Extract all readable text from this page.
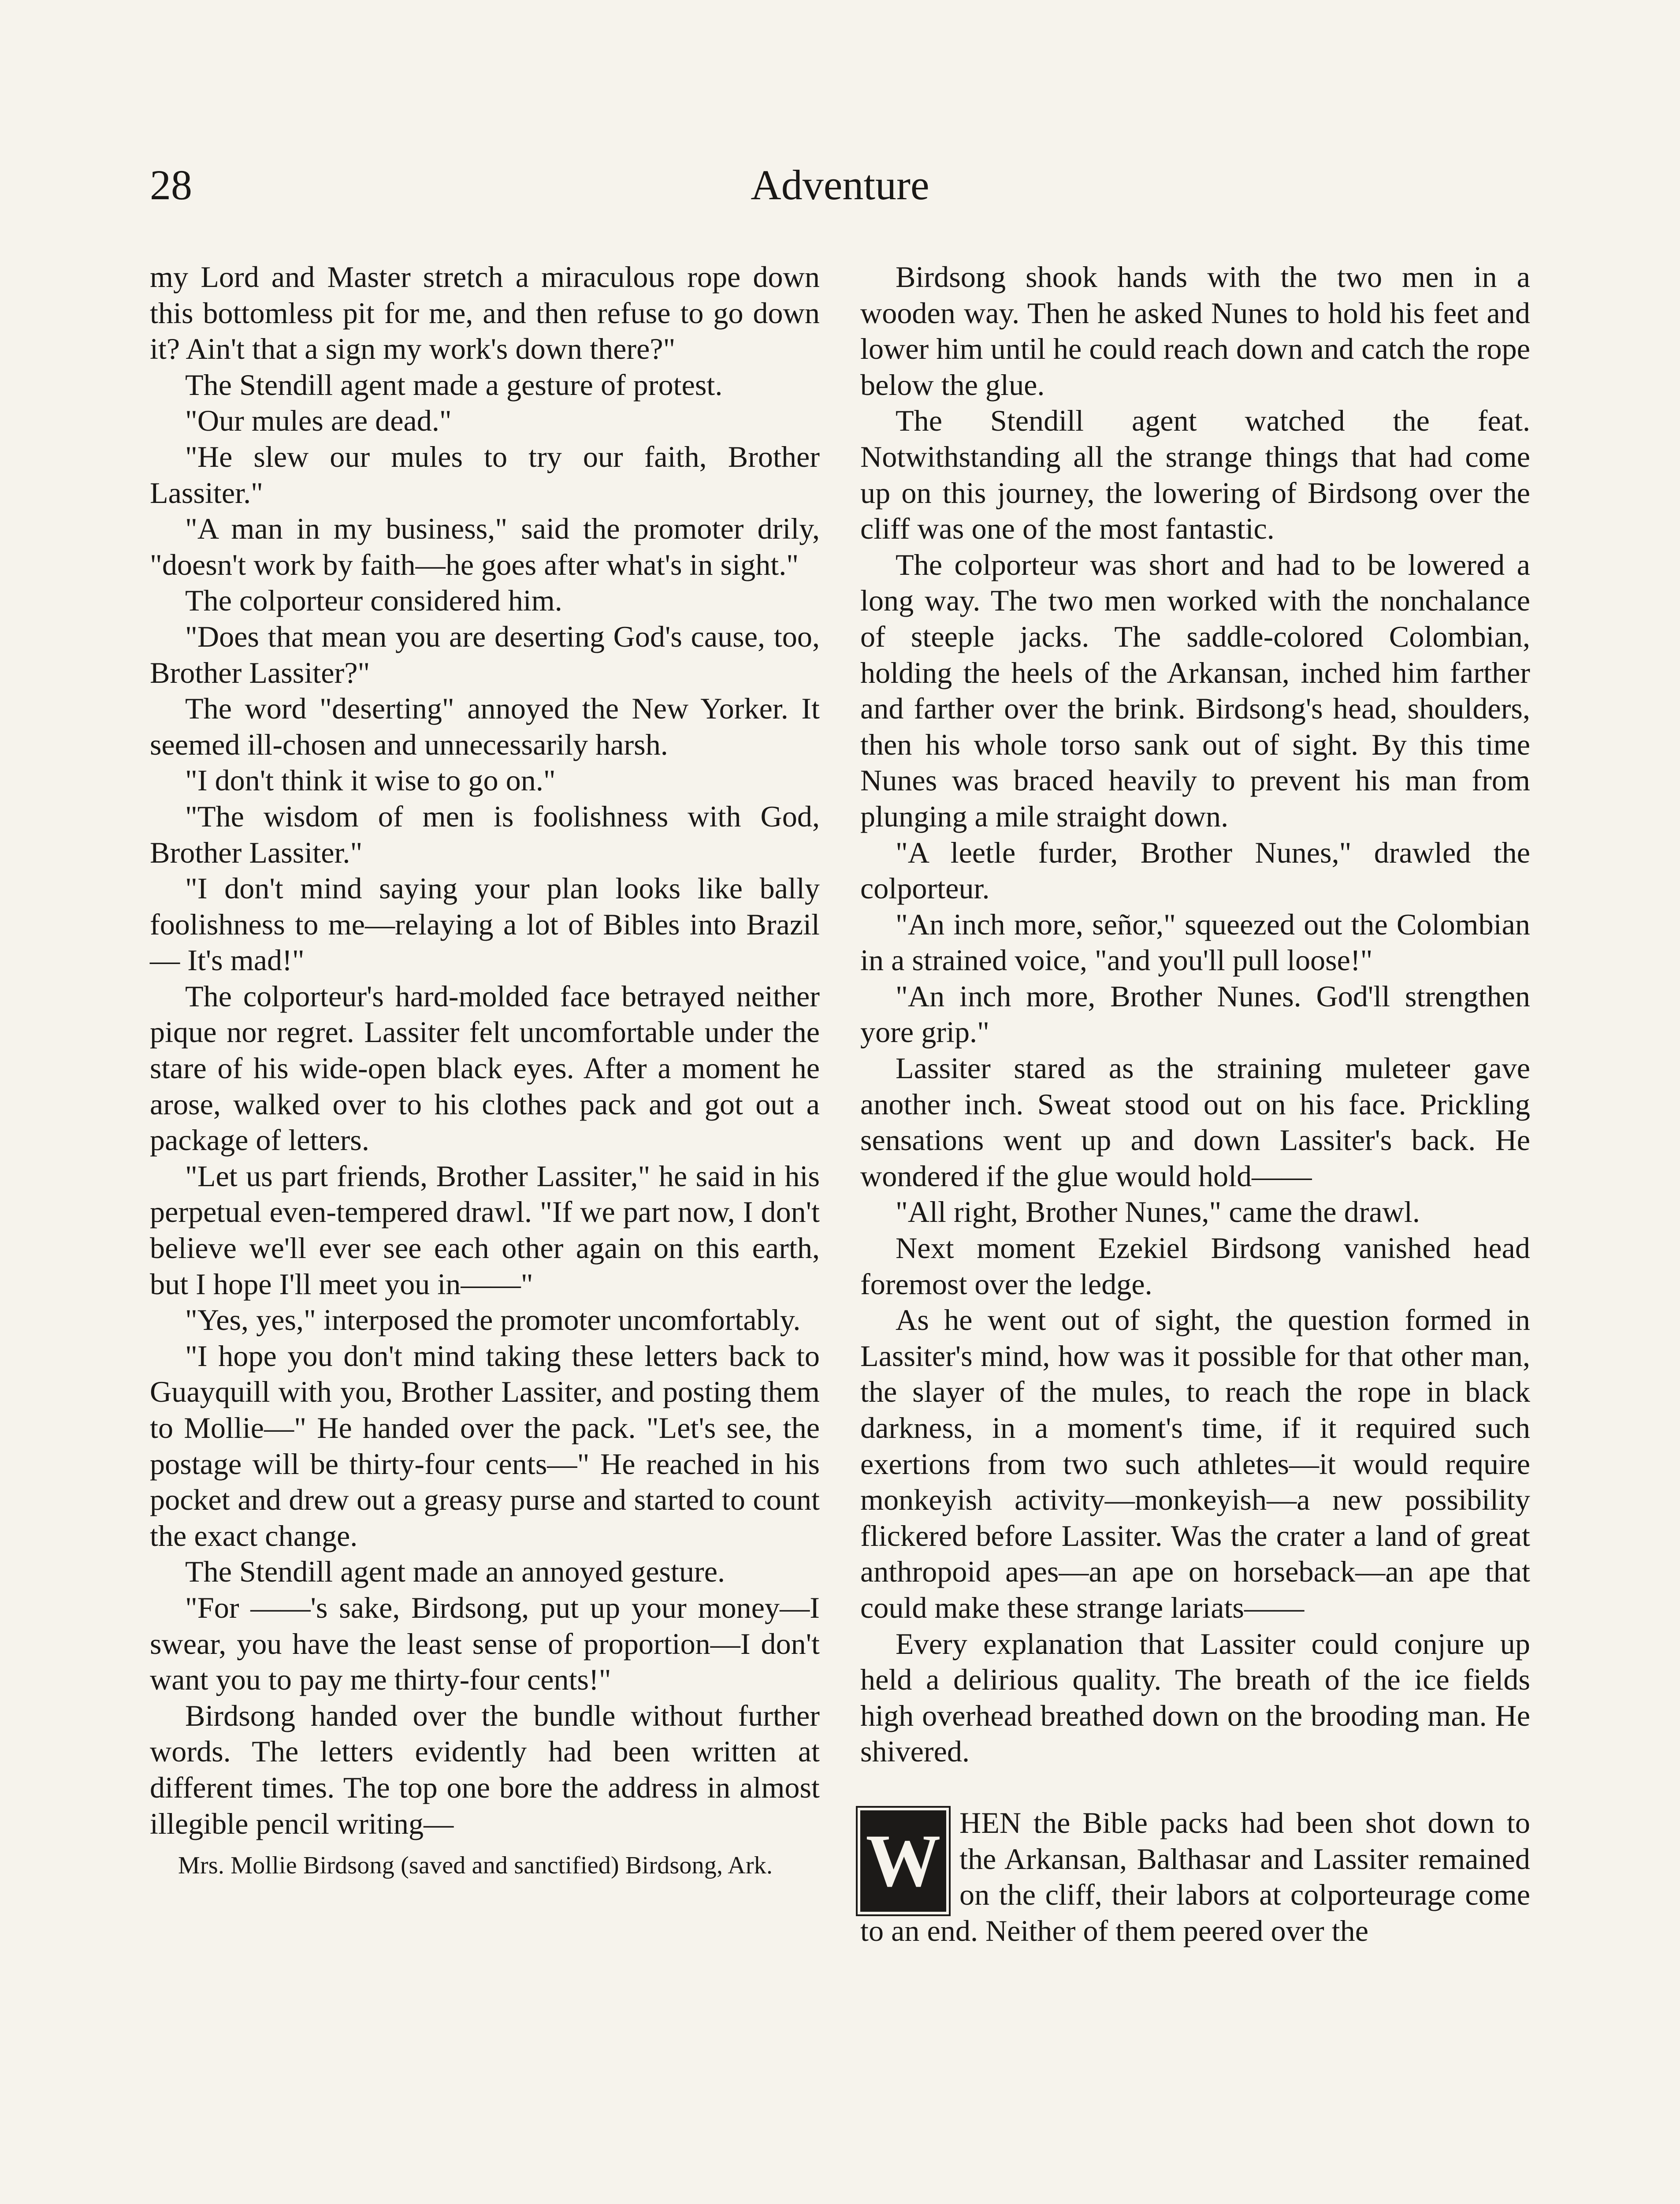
28	Adventure

my Lord and Master stretch a miraculous rope down this bottomless pit for me, and then refuse to go down it? Ain't that a sign my work's down there?"

The Stendill agent made a gesture of protest.

"Our mules are dead."

"He slew our mules to try our faith, Brother Lassiter."

"A man in my business," said the promoter drily, "doesn't work by faith—he goes after what's in sight."

The colporteur considered him.

"Does that mean you are deserting God's cause, too, Brother Lassiter?"

The word "deserting" annoyed the New Yorker. It seemed ill-chosen and unnecessarily harsh.

"I don't think it wise to go on."

"The wisdom of men is foolishness with God, Brother Lassiter."

"I don't mind saying your plan looks like bally foolishness to me—relaying a lot of Bibles into Brazil— It's mad!"

The colporteur's hard-molded face betrayed neither pique nor regret. Lassiter felt uncomfortable under the stare of his wide-open black eyes. After a moment he arose, walked over to his clothes pack and got out a package of letters.

"Let us part friends, Brother Lassiter," he said in his perpetual even-tempered drawl. "If we part now, I don't believe we'll ever see each other again on this earth, but I hope I'll meet you in——"

"Yes, yes," interposed the promoter uncomfortably.

"I hope you don't mind taking these letters back to Guayquill with you, Brother Lassiter, and posting them to Mollie—" He handed over the pack. "Let's see, the postage will be thirty-four cents—" He reached in his pocket and drew out a greasy purse and started to count the exact change.

The Stendill agent made an annoyed gesture.

"For ——'s sake, Birdsong, put up your money—I swear, you have the least sense of proportion—I don't want you to pay me thirty-four cents!"

Birdsong handed over the bundle without further words. The letters evidently had been written at different times. The top one bore the address in almost illegible pencil writing—

Mrs. Mollie Birdsong (saved and sanctified) Birdsong, Ark.

Birdsong shook hands with the two men in a wooden way. Then he asked Nunes to hold his feet and lower him until he could reach down and catch the rope below the glue.

The Stendill agent watched the feat. Notwithstanding all the strange things that had come up on this journey, the lowering of Birdsong over the cliff was one of the most fantastic.

The colporteur was short and had to be lowered a long way. The two men worked with the nonchalance of steeple jacks. The saddle-colored Colombian, holding the heels of the Arkansan, inched him farther and farther over the brink. Birdsong's head, shoulders, then his whole torso sank out of sight. By this time Nunes was braced heavily to prevent his man from plunging a mile straight down.

"A leetle furder, Brother Nunes," drawled the colporteur.

"An inch more, señor," squeezed out the Colombian in a strained voice, "and you'll pull loose!"

"An inch more, Brother Nunes. God'll strengthen yore grip."

Lassiter stared as the straining muleteer gave another inch. Sweat stood out on his face. Prickling sensations went up and down Lassiter's back. He wondered if the glue would hold——

"All right, Brother Nunes," came the drawl.

Next moment Ezekiel Birdsong vanished head foremost over the ledge.

As he went out of sight, the question formed in Lassiter's mind, how was it possible for that other man, the slayer of the mules, to reach the rope in black darkness, in a moment's time, if it required such exertions from two such athletes—it would require monkeyish activity—monkeyish—a new possibility flickered before Lassiter. Was the crater a land of great anthropoid apes—an ape on horseback—an ape that could make these strange lariats——

Every explanation that Lassiter could conjure up held a delirious quality. The breath of the ice fields high overhead breathed down on the brooding man. He shivered.

W HEN the Bible packs had been shot down to the Arkansan, Balthasar and Lassiter remained on the cliff, their labors at colporteurage come to an end. Neither of them peered over the
